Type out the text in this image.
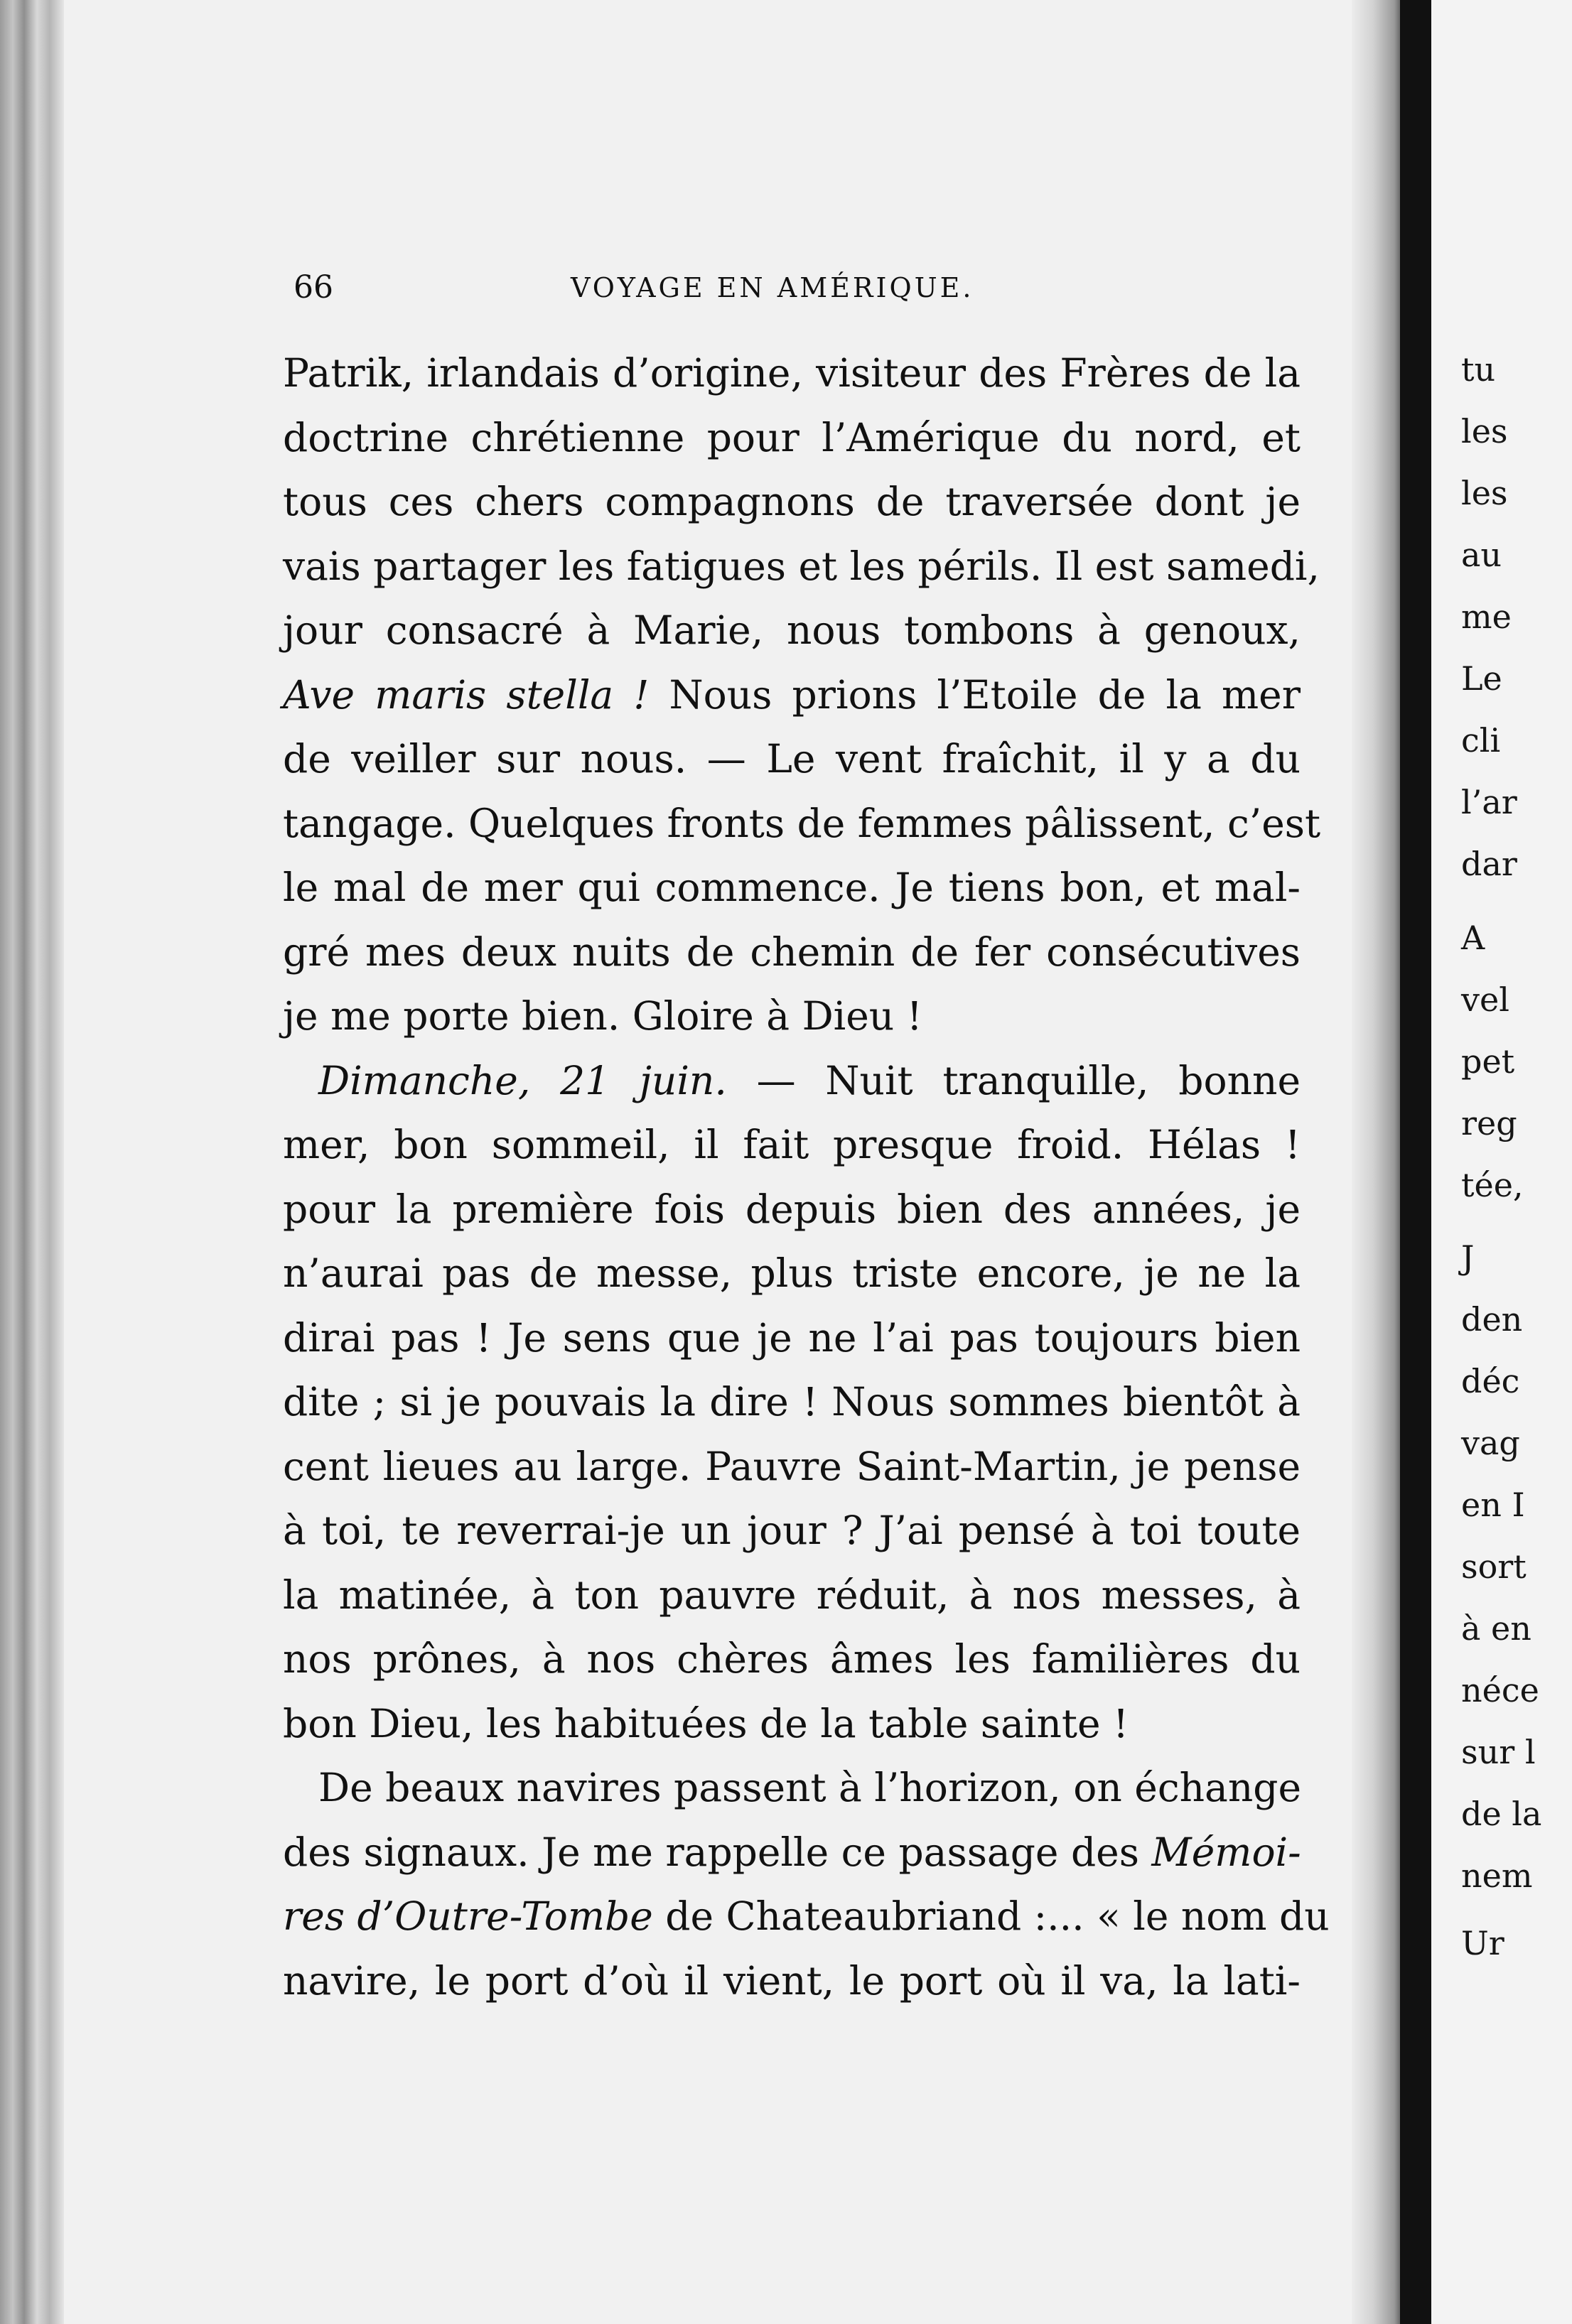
tu
les
les
au
me
Le
cli
l’ar
dar
A
vel
pet
reg
tée,
J
den
déc
vag
en I
sort
à en
néce
sur l
de la
nem
Ur
66	VOYAGE EN AMÉRIQUE.
Patrik, irlandais d’origine, visiteur des Frères de la
doctrine chrétienne pour l’Amérique du nord, et
tous ces chers compagnons de traversée dont je
vais partager les fatigues et les périls. Il est samedi,
jour consacré à Marie, nous tombons à genoux,
Ave maris stella ! Nous prions l’Etoile de la mer
de veiller sur nous. — Le vent fraîchit, il y a du
tangage. Quelques fronts de femmes pâlissent, c’est
le mal de mer qui commence. Je tiens bon, et mal-
gré mes deux nuits de chemin de fer consécutives
je me porte bien. Gloire à Dieu !
Dimanche, 21 juin. — Nuit tranquille, bonne
mer, bon sommeil, il fait presque froid. Hélas !
pour la première fois depuis bien des années, je
n’aurai pas de messe, plus triste encore, je ne la
dirai pas ! Je sens que je ne l’ai pas toujours bien
dite ; si je pouvais la dire ! Nous sommes bientôt à
cent lieues au large. Pauvre Saint-Martin, je pense
à toi, te reverrai-je un jour ? J’ai pensé à toi toute
la matinée, à ton pauvre réduit, à nos messes, à
nos prônes, à nos chères âmes les familières du
bon Dieu, les habituées de la table sainte !
De beaux navires passent à l’horizon, on échange
des signaux. Je me rappelle ce passage des Mémoi-
res d’Outre-Tombe de Chateaubriand :... « le nom du
navire, le port d’où il vient, le port où il va, la lati-
